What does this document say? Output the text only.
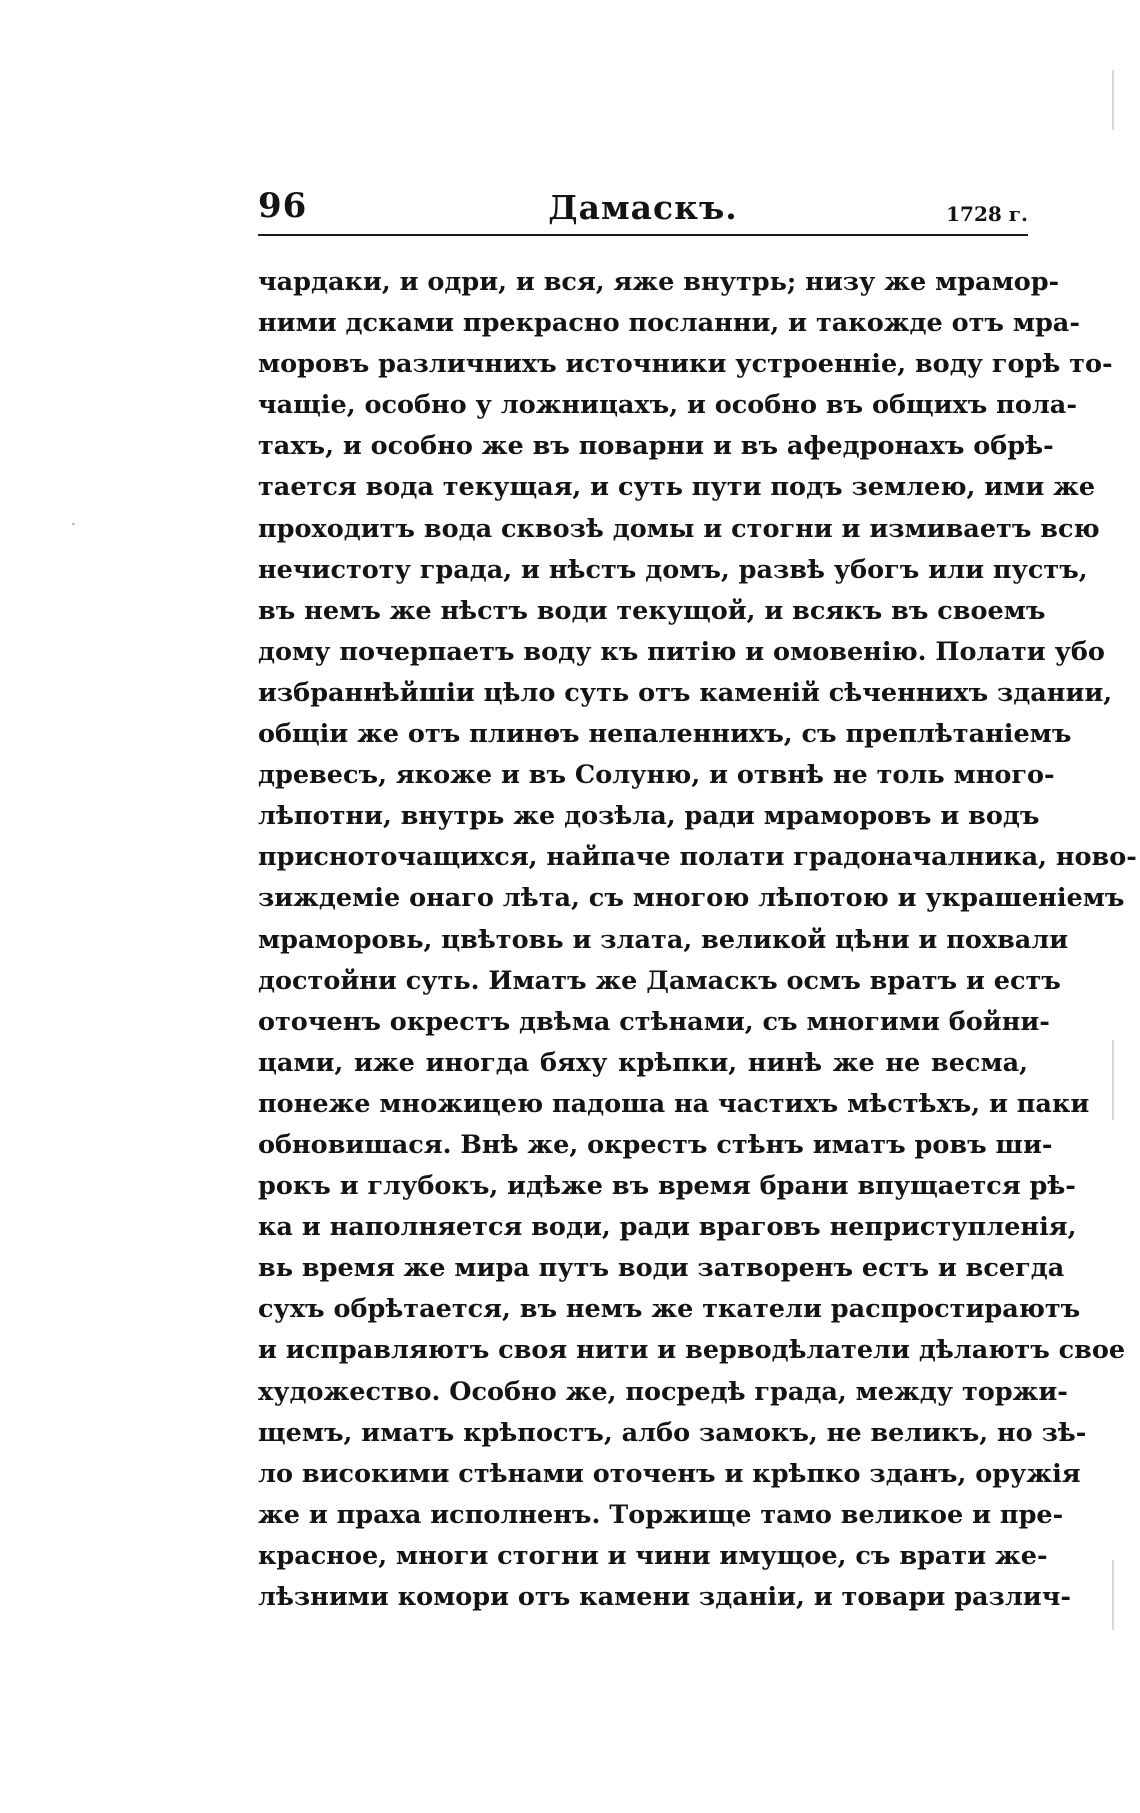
96	Дамаскъ.	1728 г.
чардаки, и одри, и вся, яже внутрь; низу же мрамор-
ними дсками прекрасно посланни, и такожде отъ мра-
моровъ различнихъ источники устроеннiе, воду горѣ то-
чащiе, особно у ложницахъ, и особно въ общихъ пола-
тахъ, и особно же въ поварни и въ афедронахъ обрѣ-
тается вода текущая, и суть пути подъ землею, ими же
проходитъ вода сквозѣ домы и стогни и измиваетъ всю
нечистоту града, и нѣстъ домъ, развѣ убогъ или пустъ,
въ немъ же нѣстъ води текущой, и всякъ въ своемъ
дому почерпаетъ воду къ питiю и омовенiю. Полати убо
избраннѣйшiи цѣло суть отъ каменiй сѣченнихъ здании,
общiи же отъ плинѳъ непаленнихъ, съ преплѣтанiемъ
древесъ, якоже и въ Солуню, и отвнѣ не толь много-
лѣпотни, внутрь же дозѣла, ради мраморовъ и водъ
присноточащихся, найпаче полати градоначалника, ново-
зиждемiе онаго лѣта, съ многою лѣпотою и украшенiемъ
мраморовь, цвѣтовь и злата, великой цѣни и похвали
достойни суть. Иматъ же Дамаскъ осмъ вратъ и естъ
оточенъ окрестъ двѣма стѣнами, съ многими бойни-
цами, иже иногда бяху крѣпки, нинѣ же не весма,
понеже множицею падоша на частихъ мѣстѣхъ, и паки
обновишася. Внѣ же, окрестъ стѣнъ иматъ ровъ ши-
рокъ и глубокъ, идѣже въ время брани впущается рѣ-
ка и наполняется води, ради враговъ неприступленiя,
вь время же мира путъ води затворенъ естъ и всегда
сухъ обрѣтается, въ немъ же ткатели распростираютъ
и исправляютъ своя нити и верводѣлатели дѣлаютъ свое
художество. Особно же, посредѣ града, между торжи-
щемъ, иматъ крѣпостъ, албо замокъ, не великъ, но зѣ-
ло високими стѣнами оточенъ и крѣпко зданъ, оружiя
же и праха исполненъ. Торжище тамо великое и пре-
красное, многи стогни и чини имущое, съ врати же-
лѣзними комори отъ камени зданiи, и товари различ-
